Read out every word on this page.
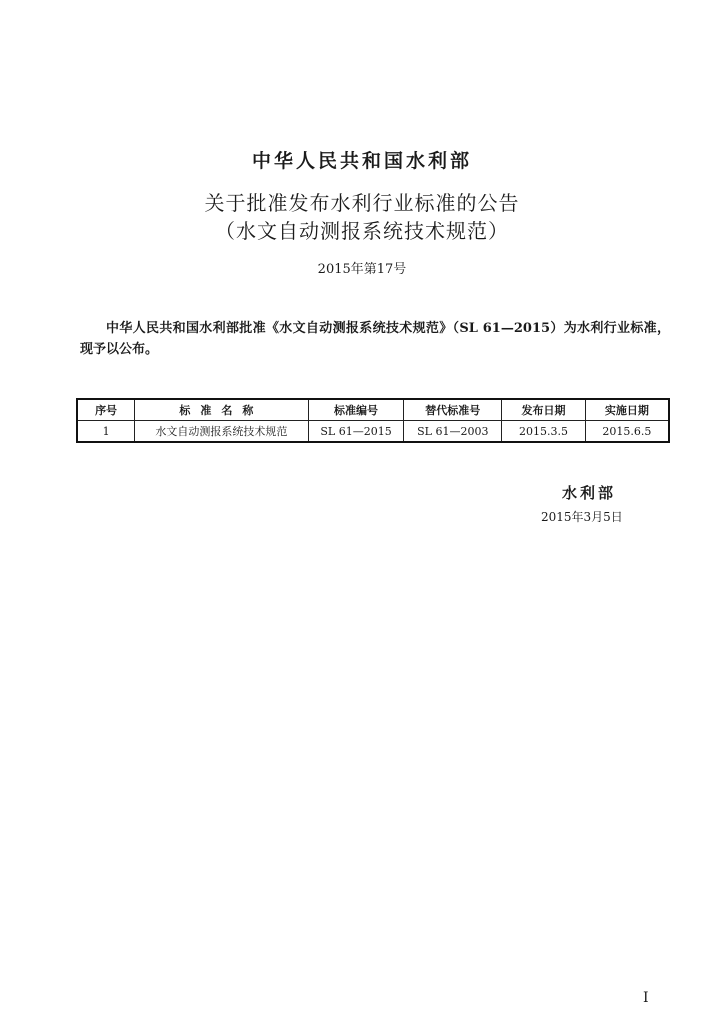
中华人民共和国水利部
关于批准发布水利行业标准的公告
（水文自动测报系统技术规范）
2015年第17号
中华人民共和国水利部批准《水文自动测报系统技术规范》（SL 61—2015）为水利行业标准，现予以公布。
序号	标准名称	标准编号	替代标准号	发布日期	实施日期
1	水文自动测报系统技术规范	SL 61—2015	SL 61—2003	2015.3.5	2015.6.5
水利部
2015年3月5日
I
